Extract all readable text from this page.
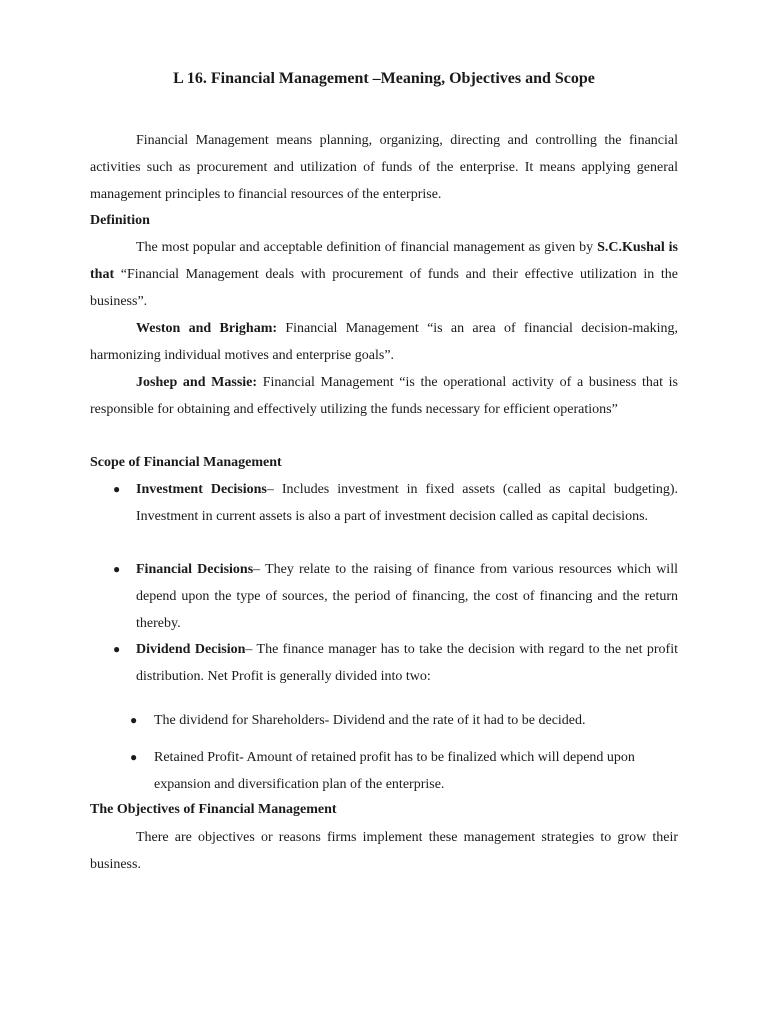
L 16. Financial Management –Meaning, Objectives and Scope

Financial Management means planning, organizing, directing and controlling the financial activities such as procurement and utilization of funds of the enterprise. It means applying general management principles to financial resources of the enterprise.

Definition

The most popular and acceptable definition of financial management as given by S.C.Kushal is that “Financial Management deals with procurement of funds and their effective utilization in the business”.

Weston and Brigham: Financial Management “is an area of financial decision-making, harmonizing individual motives and enterprise goals”.

Joshep and Massie: Financial Management “is the operational activity of a business that is responsible for obtaining and effectively utilizing the funds necessary for efficient operations”

Scope of Financial Management

● Investment Decisions– Includes investment in fixed assets (called as capital budgeting). Investment in current assets is also a part of investment decision called as capital decisions.
● Financial Decisions– They relate to the raising of finance from various resources which will depend upon the type of sources, the period of financing, the cost of financing and the return thereby.
● Dividend Decision– The finance manager has to take the decision with regard to the net profit distribution. Net Profit is generally divided into two:
● The dividend for Shareholders- Dividend and the rate of it had to be decided.
● Retained Profit- Amount of retained profit has to be finalized which will depend upon expansion and diversification plan of the enterprise.

The Objectives of Financial Management

There are objectives or reasons firms implement these management strategies to grow their business.
